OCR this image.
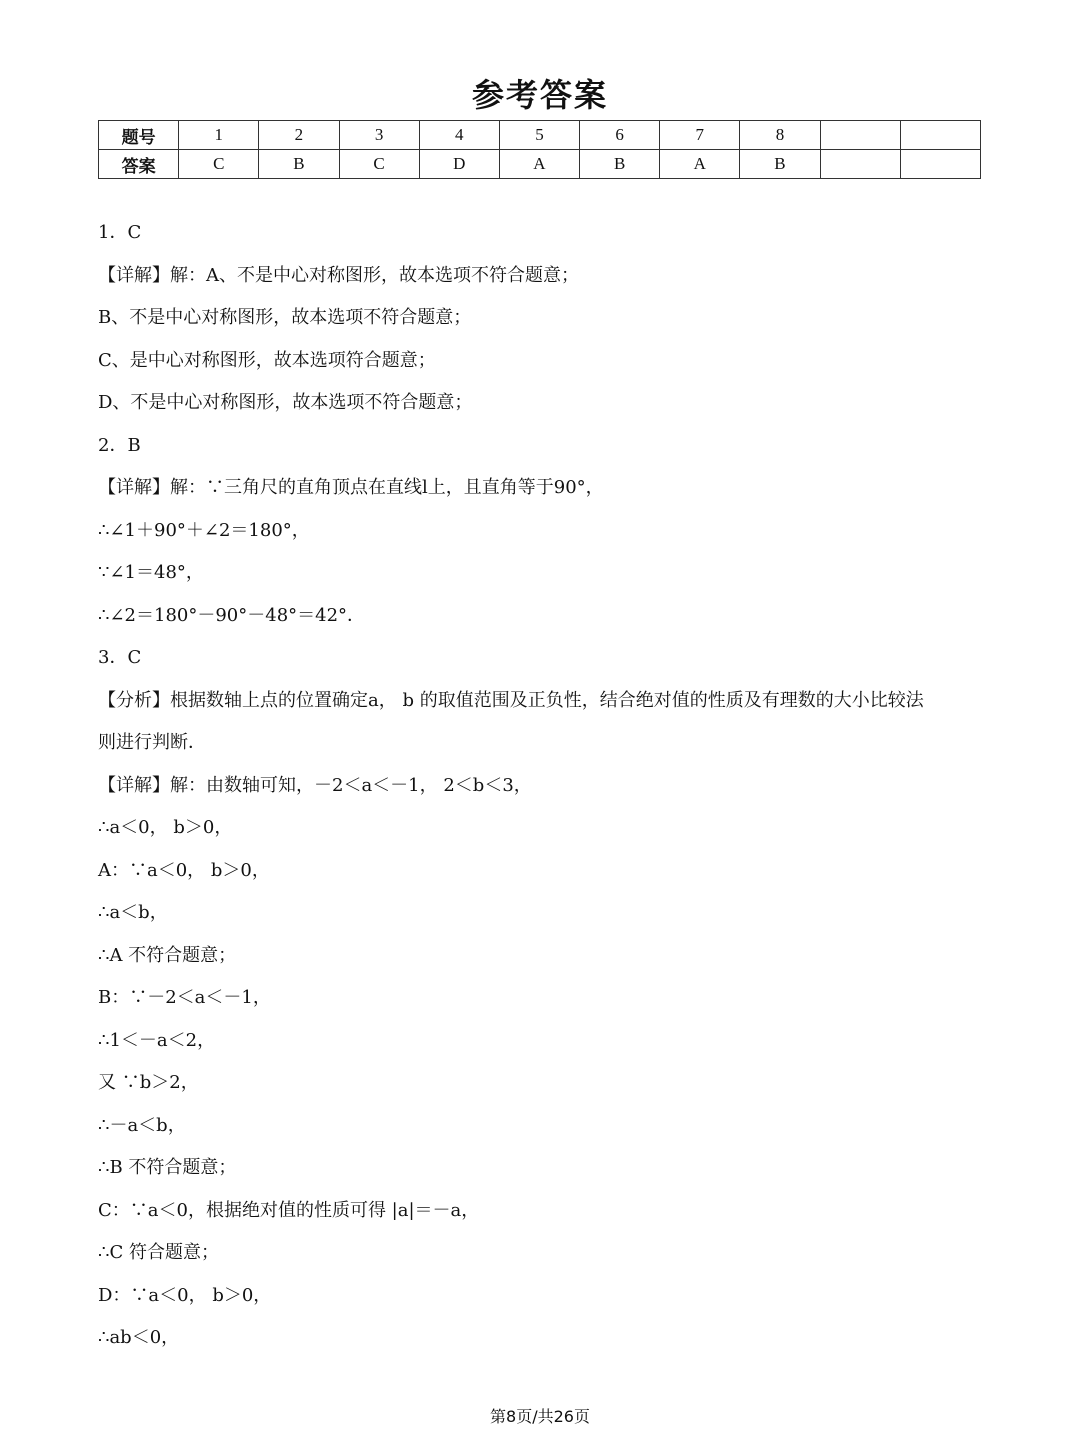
参考答案
题号	1	2	3	4	5	6	7	8		
答案	C	B	C	D	A	B	A	B		
1．C
【详解】解：A、不是中心对称图形，故本选项不符合题意；
B、不是中心对称图形，故本选项不符合题意；
C、是中心对称图形，故本选项符合题意；
D、不是中心对称图形，故本选项不符合题意；
2．B
【详解】解：∵三角尺的直角顶点在直线l上，且直角等于90°，
∴∠1＋90°＋∠2＝180°，
∵∠1＝48°，
∴∠2＝180°－90°－48°＝42°．
3．C
【分析】根据数轴上点的位置确定a， b 的取值范围及正负性，结合绝对值的性质及有理数的大小比较法
则进行判断．
【详解】解：由数轴可知，－2＜a＜－1， 2＜b＜3，
∴a＜0， b＞0，
A：∵a＜0， b＞0，
∴a＜b，
∴A 不符合题意；
B：∵－2＜a＜－1，
∴1＜－a＜2，
又 ∵b＞2，
∴－a＜b，
∴B 不符合题意；
C：∵a＜0，根据绝对值的性质可得 |a|＝－a，
∴C 符合题意；
D：∵a＜0， b＞0，
∴ab＜0，
第8页/共26页
